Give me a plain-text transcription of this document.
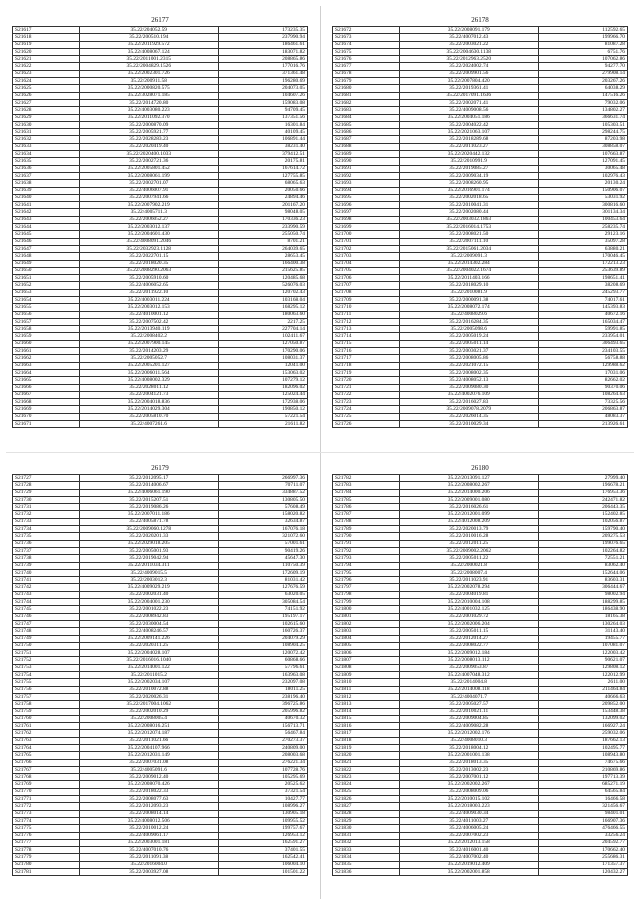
26177
S21617	35.22/204052.59	173235.35
S21618	35.22/200510.194	237990.94
S21619	35.22/2011929.572	186461.61
S21620	35.22/4008067.124	183071.82
S21621	35.22/2011001.2315	208865.86
S21622	35.22/2004829.1526	177016.76
S21623	35.22/2002301.726	371361.48
S21624	35.22/200911.58	196280.69
S21625	35.22/2000820.575	204073.05
S21626	35.22/3028071.185	104607.26
S21627	35.22/2014720.80	159083.08
S21628	35.22/4003080.223	94709.45
S21629	35.22/2011092.370	137351.56
S21630	35.22/2000870.09	16301.84
S21631	35.22/2005921.77	40109.45
S21632	35.22/2028283.23	106891.44
S21633	35.22/2020419.40	38231.40
S21634	35.22/2020400.1033	379412.51
S21635	35.22/2002721.36	20175.81
S21636	35.22/2005801.452	167614.72
S21637	35.22/2008061.199	127755.85
S21638	35.22/2002701.07	68065.63
S21639	35.22/4006007.91	20050.66
S21640	35.22/2007941.66	24894.46
S21641	35.22/2007902.219	201167.20
S21642	35.22/4005711.3	98048.05
S21643	35.22/2006052.27	170336.23
S21644	35.22/2003012.137	233990.59
S21645	35.22/2004601.430	255050.74
S21646	35.22/4008091.2046	8701.21
S21647	35.22/2032923.1128	264039.65
S21648	35.22/2022701.15	28653.45
S21649	35.22/2018020.35	166400.38
S21650	35.22/2008290.2063	215625.85
S21651	35.22/2005910.60	120485.68
S21652	35.22/4006052.65	526076.03
S21653	35.22/2011922.10	120702.43
S21654	35.22/4003011.224	103168.04
S21655	35.22/2003012.153	168295.12
S21656	35.22/4010001.12	180063.60
S21657	35.22/2007502.42	2217.25
S21658	35.22/2013940.119	227704.14
S21659	35.22/2008402.2	102411.67
S21660	35.22/2007900.145	127050.87
S21661	35.22/2014203.29	170290.06
S21662	35.22/2005052.7	108031.37
S21663	35.22/2005201.127	12041.00
S21664	35.22/2006011.564	153063.02
S21665	35.22/4008002.329	107279.12
S21666	35.22/2028011.12	182096.02
S21667	35.22/2004121.73	125024.44
S21668	35.22/2004018.836	172938.06
S21669	35.22/2014029.304	190850.12
S21670	35.22/2005810.70	57221.54
S21671	35.22/4007261.6	21611.82
26178
S21672	35.22/2008091.179	112592.65
S21673	35.22/4007012.43	199966.70
S21674	35.22/2003021.22	81087.28
S21675	35.22/2004630.1138	6751.76
S21676	35.22/2012963.2520	107062.86
S21677	35.22/2024002.74	94277.70
S21678	35.22/2009901.56	279908.14
S21679	35.22/2007804.420	203267.26
S21680	35.22/2019361.41	64038.29
S21681	35.22/2017091.1636	147516.26
S21682	35.22/2002071.41	79032.06
S21683	35.22/4009008.56	134802.27
S21684	35.22/2004051.186	366631.74
S21685	35.22/2004022.42	105303.51
S21686	35.22/2021063.107	298244.75
S21687	35.22/2018289.68	87203.98
S21688	35.22/2011023.27	308858.07
S21689	35.22/2020442.132	107663.87
S21690	35.22/2010991.9	127091.45
S21691	35.22/2019085.27	30065.48
S21692	35.22/2009034.19	102976.43
S21693	35.22/2008260.95	20130.24
S21694	35.22/2016901.174	150906.07
S21695	35.22/2002018.65	53031.92
S21696	35.22/2010041.31	300816.60
S21697	35.22/2002080.44	301134.34
S21698	35.22/2003032.1863	100453.64
S21699	35.22/2016014.1753	258235.74
S21700	35.22/2008021.50	29123.16
S21701	35.22/2007111.10	35097.28
S21702	35.22/2015061.2034	63880.21
S21703	35.22/2009091.3	170046.45
S21704	35.22/2014302.284	172213.23
S21705	35.22/2004022.1674	253639.89
S21706	35.22/2011403.166	198651.41
S21707	35.22/2018029.10	38208.69
S21708	35.22/2010081.9	245293.77
S21709	35.22/2000091.38	74017.61
S21710	35.22/2008072.174	145393.83
S21711	35.22/4008029.6	40672.16
S21712	35.22/2016284.35	165034.47
S21713	35.22/2005098.6	59991.85
S21714	35.22/2005019.24	233954.01
S21715	35.22/2005011.14	306493.65
S21716	35.22/2003021.37	234103.55
S21717	35.22/2008005.86	56758.88
S21718	35.22/2021072.15	129988.62
S21719	35.22/2008002.35	17031.06
S21720	35.22/4008052.13	82662.02
S21721	35.22/2009080.30	90370.06
S21722	35.22/4002076.109	108264.63
S21723	35.22/2016027.83	73325.56
S21724	35.22/2009078.2079	206863.87
S21725	35.22/2026014.35	48083.37
S21726	35.22/2010029.34	213926.61
26179
S21727	35.22/2012095.17	266997.36
S21728	35.22/2014006.67	70711.07
S21729	35.22/4006061.190	334887.52
S21730	35.22/2015207.51	130805.50
S21731	35.22/2019086.26	57608.49
S21732	35.22/2007011.186	158020.82
S21733	35.22/4005871.78	32634.87
S21734	35.22/2009060.1278	167076.18
S21735	35.22/2020201.33	321072.60
S21736	35.22/2029018.205	57001.61
S21737	35.22/2005001.93	90419.26
S21738	35.22/2019042.94	45647.30
S21739	35.22/2011034.311	110750.39
S21740	35.22/4009015.5	172609.19
S21741	35.22/2003012.3	81031.42
S21742	35.22/4009029.219	127676.59
S21743	35.22/2002031.40	63020.05
S21744	35.22/2004001.230	305084.54
S21745	35.22/2001022.23	74151.92
S21746	35.22/2008942.83	195197.17
S21747	35.22/2030004.54	102615.60
S21748	35.22/4008246.57	160726.37
S21749	35.22/2009141.226	204079.29
S21750	35.22/2020311.25	108904.25
S21751	35.22/2004028.107	120072.42
S21752	35.22/2016016.1040	60868.66
S21753	35.22/2014001.122	57796.61
S21754	35.22/2011015.2	163963.08
S21755	35.22/2002034.107	232097.08
S21756	35.22/2010072.88	18011.25
S21757	35.22/2020026.31	238196.40
S21758	35.22/2017004.1062	396725.86
S21759	35.22/2002010.29	205996.82
S21760	35.22/2008005.4	40670.32
S21761	35.22/2008016.251	156713.71
S21762	35.22/2012074.187	56467.84
S21763	35.22/2011021.66	270273.37
S21764	35.22/2004107.966	240809.00
S21765	35.22/2012031.149	208003.68
S21766	35.22/2007031.08	276221.34
S21767	35.22/4005091.6	107728.76
S21768	35.22/2009012.40	105295.69
S21769	35.22/2008070.426	20525.62
S21770	35.22/2018022.33	37321.54
S21771	35.22/2008077.63	10427.77
S21772	35.22/2012093.23	108996.27
S21773	35.22/2008014.14	130905.18
S21774	35.22/4008012.506	109955.52
S21775	35.22/2010012.24	199757.67
S21776	35.22/4009061.17	126953.12
S21777	35.22/2003001.181	162591.27
S21778	35.22/4007010.76	37401.55
S21779	35.22/2011091.38	162542.41
S21780	35.22/2016004.0	106004.10
S21781	35.22/2003927.08	101501.22
26180
S21782	35.22/2013091.127	27999.40
S21783	35.22/2008002.267	196678.21
S21784	35.22/2014000.206	176953.36
S21785	35.22/2009001.080	242471.82
S21786	35.22/2016026.61	206443.35
S21787	35.22/2012001.099	152402.85
S21788	35.22/4012008.209	102056.87
S21789	35.22/2020013.79	159790.40
S21790	35.22/2010016.28	209275.53
S21791	35.22/2012011.25	199076.65
S21792	35.22/2009002.2062	102264.82
S21793	35.22/2005011.22	72551.21
S21794	35.22/2000021.8	83062.40
S21795	35.22/2008007.4	152644.06
S21796	35.22/2011023.91	83603.31
S21797	35.22/2002078.294	306444.67
S21798	35.22/2004019.81	98002.94
S21799	35.22/2010004.108	188299.85
S21800	35.22/4001032.125	186438.90
S21801	35.22/2001029.72	18165.38
S21802	35.22/2002006.204	130264.03
S21803	35.22/2005011.15	31143.40
S21804	35.22/2012014.27	19455.77
S21805	35.22/2008022.77	107081.07
S21806	35.22/2009012.184	122003.42
S21807	35.22/2008013.112	90621.07
S21808	35.22/2009053.87	129808.12
S21809	35.22/4007048.312	122012.99
S21810	35.22/2014004.8	2611.00
S21811	35.22/2014008.118	211464.84
S21812	35.22/4004071.7	40666.63
S21813	35.22/2005027.57	209852.00
S21814	35.22/2010021.11	153448.38
S21815	35.22/2009004.85	132099.02
S21816	35.22/4009082.28	166927.24
S21817	35.22/2012002.176	259032.06
S21818	35.22/4008010.3	187662.13
S21819	35.22/2018004.12	102495.77
S21820	35.22/2001001.138	108943.80
S21821	35.22/2018013.35	74675.66
S21822	35.22/2013002.23	210869.86
S21823	35.22/2007001.12	197713.39
S21824	35.22/2002002.267	685271.19
S21825	35.22/2008009.06	64565.84
S21826	35.22/2010015.102	16466.58
S21827	35.22/2018003.223	321456.67
S21828	35.22/4009030.34	98401.01
S21829	35.22/4011003.27	166907.36
S21830	35.22/4006005.24	476466.55
S21831	35.22/2007002.23	33256.24
S21832	35.22/2012013.158	204592.77
S21833	35.22/4016001.40	170662.40
S21834	35.22/4007002.40	255686.31
S21835	35.22/2019012.409	171357.37
S21836	35.22/2002001.858	120432.27
